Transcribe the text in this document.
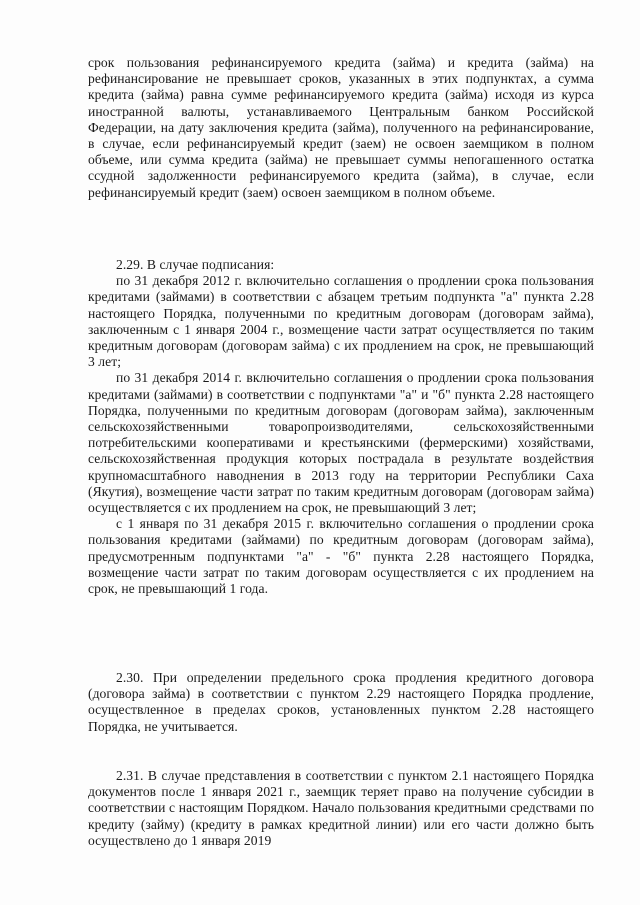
срок пользования рефинансируемого кредита (займа) и кредита (займа) на рефинансирование не превышает сроков, указанных в этих подпунктах, а сумма кредита (займа) равна сумме рефинансируемого кредита (займа) исходя из курса иностранной валюты, устанавливаемого Центральным банком Российской Федерации, на дату заключения кредита (займа), полученного на рефинансирование, в случае, если рефинансируемый кредит (заем) не освоен заемщиком в полном объеме, или сумма кредита (займа) не превышает суммы непогашенного остатка ссудной задолженности рефинансируемого кредита (займа), в случае, если рефинансируемый кредит (заем) освоен заемщиком в полном объеме.

2.29. В случае подписания:

по 31 декабря 2012 г. включительно соглашения о продлении срока пользования кредитами (займами) в соответствии с абзацем третьим подпункта "а" пункта 2.28 настоящего Порядка, полученными по кредитным договорам (договорам займа), заключенным с 1 января 2004 г., возмещение части затрат осуществляется по таким кредитным договорам (договорам займа) с их продлением на срок, не превышающий 3 лет;

по 31 декабря 2014 г. включительно соглашения о продлении срока пользования кредитами (займами) в соответствии с подпунктами "а" и "б" пункта 2.28 настоящего Порядка, полученными по кредитным договорам (договорам займа), заключенным сельскохозяйственными товаропроизводителями, сельскохозяйственными потребительскими кооперативами и крестьянскими (фермерскими) хозяйствами, сельскохозяйственная продукция которых пострадала в результате воздействия крупномасштабного наводнения в 2013 году на территории Республики Саха (Якутия), возмещение части затрат по таким кредитным договорам (договорам займа) осуществляется с их продлением на срок, не превышающий 3 лет;

с 1 января по 31 декабря 2015 г. включительно соглашения о продлении срока пользования кредитами (займами) по кредитным договорам (договорам займа), предусмотренным подпунктами "а" - "б" пункта 2.28 настоящего Порядка, возмещение части затрат по таким договорам осуществляется с их продлением на срок, не превышающий 1 года.

2.30. При определении предельного срока продления кредитного договора (договора займа) в соответствии с пунктом 2.29 настоящего Порядка продление, осуществленное в пределах сроков, установленных пунктом 2.28 настоящего Порядка, не учитывается.

2.31. В случае представления в соответствии с пунктом 2.1 настоящего Порядка документов после 1 января 2021 г., заемщик теряет право на получение субсидии в соответствии с настоящим Порядком. Начало пользования кредитными средствами по кредиту (займу) (кредиту в рамках кредитной линии) или его части должно быть осуществлено до 1 января 2019
